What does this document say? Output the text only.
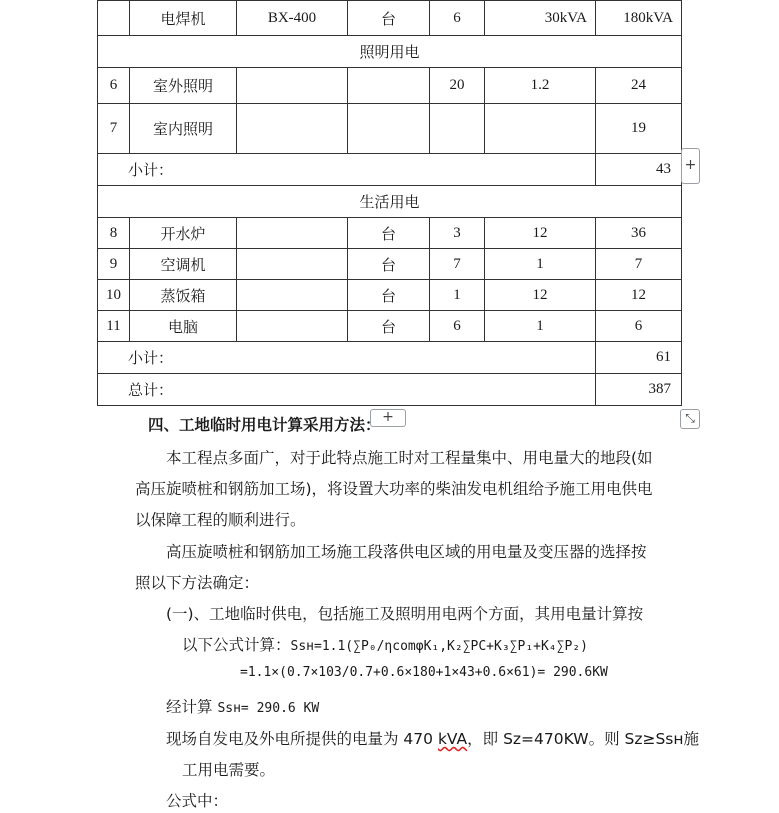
	电焊机	BX-400	台	6	30kVA	180kVA
照明用电						
6	室外照明			20	1.2	24
7	室内照明					19
小计：						43
生活用电						
8	开水炉		台	3	12	36
9	空调机		台	7	1	7
10	蒸饭箱		台	1	12	12
11	电脑		台	6	1	6
小计：						61
总计：						387
+
+	⤡
四、工地临时用电计算采用方法：
本工程点多面广，对于此特点施工时对工程量集中、用电量大的地段(如
高压旋喷桩和钢筋加工场)，将设置大功率的柴油发电机组给予施工用电供电
以保障工程的顺利进行。
高压旋喷桩和钢筋加工场施工段落供电区域的用电量及变压器的选择按
照以下方法确定：
(一)、工地临时供电，包括施工及照明用电两个方面，其用电量计算按
以下公式计算：Ssн=1.1(∑P₀/ηcomφK₁,K₂∑PC+K₃∑P₁+K₄∑P₂)
=1.1×(0.7×103/0.7+0.6×180+1×43+0.6×61)= 290.6KW
经计算 Ssн= 290.6 KW
现场自发电及外电所提供的电量为 470 kVA，即 Sz=470KW。则 Sz≥Ssн施
工用电需要。
公式中：
